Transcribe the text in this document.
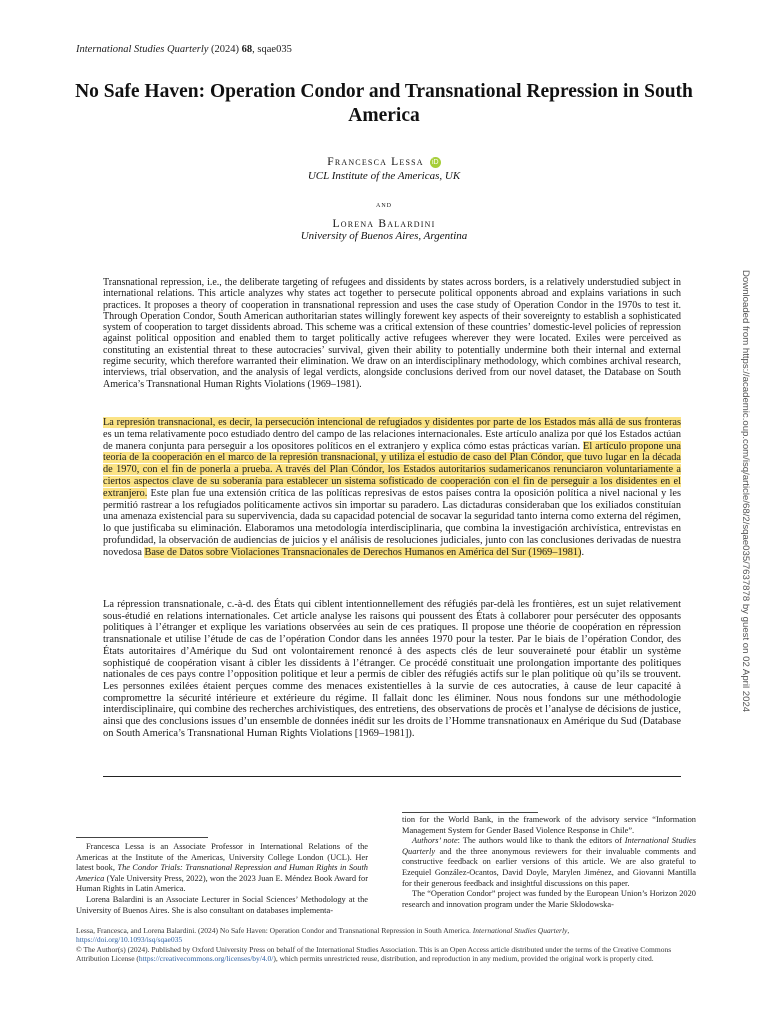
International Studies Quarterly (2024) 68, sqae035
No Safe Haven: Operation Condor and Transnational Repression in South America
Francesca Lessa iD
UCL Institute of the Americas, UK
and
Lorena Balardini
University of Buenos Aires, Argentina

Transnational repression, i.e., the deliberate targeting of refugees and dissidents by states across borders, is a relatively understudied subject in international relations. This article analyzes why states act together to persecute political opponents abroad and explains variations in such practices. It proposes a theory of cooperation in transnational repression and uses the case study of Operation Condor in the 1970s to test it. Through Operation Condor, South American authoritarian states willingly forewent key aspects of their sovereignty to establish a sophisticated system of cooperation to target dissidents abroad. This scheme was a critical extension of these countries’ domestic-level policies of repression against political opposition and enabled them to target politically active refugees wherever they were located. Exiles were perceived as constituting an existential threat to these autocracies’ survival, given their ability to potentially undermine both their internal and external regime security, which therefore warranted their elimination. We draw on an interdisciplinary methodology, which combines archival research, interviews, trial observation, and the analysis of legal verdicts, alongside conclusions derived from our novel dataset, the Database on South America’s Transnational Human Rights Violations (1969–1981).

La represión transnacional, es decir, la persecución intencional de refugiados y disidentes por parte de los Estados más allá de sus fronteras es un tema relativamente poco estudiado dentro del campo de las relaciones internacionales. Este artículo analiza por qué los Estados actúan de manera conjunta para perseguir a los opositores políticos en el extranjero y explica cómo estas prácticas varían. El artículo propone una teoría de la cooperación en el marco de la represión transnacional, y utiliza el estudio de caso del Plan Cóndor, que tuvo lugar en la década de 1970, con el fin de ponerla a prueba. A través del Plan Cóndor, los Estados autoritarios sudamericanos renunciaron voluntariamente a ciertos aspectos clave de su soberanía para establecer un sistema sofisticado de cooperación con el fin de perseguir a los disidentes en el extranjero. Este plan fue una extensión crítica de las políticas represivas de estos países contra la oposición política a nivel nacional y les permitió rastrear a los refugiados políticamente activos sin importar su paradero. Las dictaduras consideraban que los exiliados constituían una amenaza existencial para su supervivencia, dada su capacidad potencial de socavar la seguridad tanto interna como externa del régimen, lo que justificaba su eliminación. Elaboramos una metodología interdisciplinaria, que combina la investigación archivística, entrevistas en profundidad, la observación de audiencias de juicios y el análisis de resoluciones judiciales, junto con las conclusiones derivadas de nuestra novedosa Base de Datos sobre Violaciones Transnacionales de Derechos Humanos en América del Sur (1969–1981).

La répression transnationale, c.-à-d. des États qui ciblent intentionnellement des réfugiés par-delà les frontières, est un sujet relativement sous-étudié en relations internationales. Cet article analyse les raisons qui poussent des États à collaborer pour persécuter des opposants politiques à l’étranger et explique les variations observées au sein de ces pratiques. Il propose une théorie de coopération en répression transnationale et utilise l’étude de cas de l’opération Condor dans les années 1970 pour la tester. Par le biais de l’opération Condor, des États autoritaires d’Amérique du Sud ont volontairement renoncé à des aspects clés de leur souveraineté pour établir un système sophistiqué de coopération visant à cibler les dissidents à l’étranger. Ce procédé constituait une prolongation importante des politiques nationales de ces pays contre l’opposition politique et leur a permis de cibler des réfugiés actifs sur le plan politique où qu’ils se trouvent. Les personnes exilées étaient perçues comme des menaces existentielles à la survie de ces autocraties, à cause de leur capacité à compromettre la sécurité intérieure et extérieure du régime. Il fallait donc les éliminer. Nous nous fondons sur une méthodologie interdisciplinaire, qui combine des recherches archivistiques, des entretiens, des observations de procès et l’analyse de décisions de justice, ainsi que des conclusions issues d’un ensemble de données inédit sur les droits de l’Homme transnationaux en Amérique du Sud (Database on South America’s Transnational Human Rights Violations [1969–1981]).

Downloaded from https://academic.oup.com/isq/article/68/2/sqae035/7637878 by guest on 02 April 2024

Francesca Lessa is an Associate Professor in International Relations of the Americas at the Institute of the Americas, University College London (UCL). Her latest book, The Condor Trials: Transnational Repression and Human Rights in South America (Yale University Press, 2022), won the 2023 Juan E. Méndez Book Award for Human Rights in Latin America.

Lorena Balardini is an Associate Lecturer in Social Sciences’ Methodology at the University of Buenos Aires. She is also consultant on databases implementa-

tion for the World Bank, in the framework of the advisory service “Information Management System for Gender Based Violence Response in Chile”.

Authors’ note: The authors would like to thank the editors of International Studies Quarterly and the three anonymous reviewers for their invaluable comments and constructive feedback on earlier versions of this article. We are also grateful to Ezequiel González-Ocantos, David Doyle, Marylen Jiménez, and Giovanni Mantilla for their generous feedback and insightful discussions on this paper.

The “Operation Condor” project was funded by the European Union’s Horizon 2020 research and innovation program under the Marie Skłodowska-

Lessa, Francesca, and Lorena Balardini. (2024) No Safe Haven: Operation Condor and Transnational Repression in South America. International Studies Quarterly,

https://doi.org/10.1093/isq/sqae035

© The Author(s) (2024). Published by Oxford University Press on behalf of the International Studies Association. This is an Open Access article distributed under the terms of the Creative Commons Attribution License (https://creativecommons.org/licenses/by/4.0/), which permits unrestricted reuse, distribution, and reproduction in any medium, provided the original work is properly cited.
